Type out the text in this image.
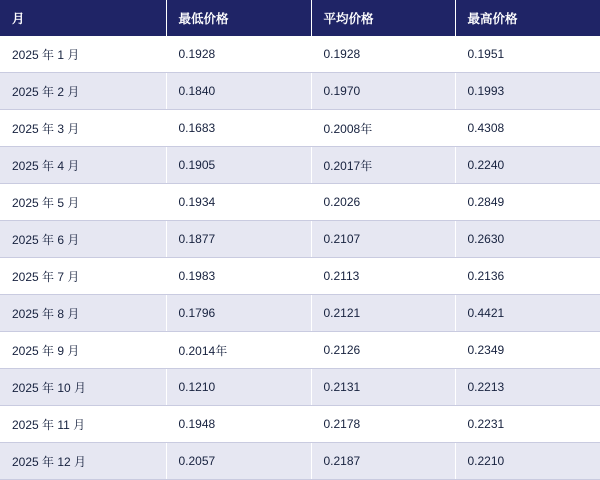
月	最低价格	平均价格	最高价格
2025 年 1 月	0.1928	0.1928	0.1951
2025 年 2 月	0.1840	0.1970	0.1993
2025 年 3 月	0.1683	0.2008年	0.4308
2025 年 4 月	0.1905	0.2017年	0.2240
2025 年 5 月	0.1934	0.2026	0.2849
2025 年 6 月	0.1877	0.2107	0.2630
2025 年 7 月	0.1983	0.2113	0.2136
2025 年 8 月	0.1796	0.2121	0.4421
2025 年 9 月	0.2014年	0.2126	0.2349
2025 年 10 月	0.1210	0.2131	0.2213
2025 年 11 月	0.1948	0.2178	0.2231
2025 年 12 月	0.2057	0.2187	0.2210
